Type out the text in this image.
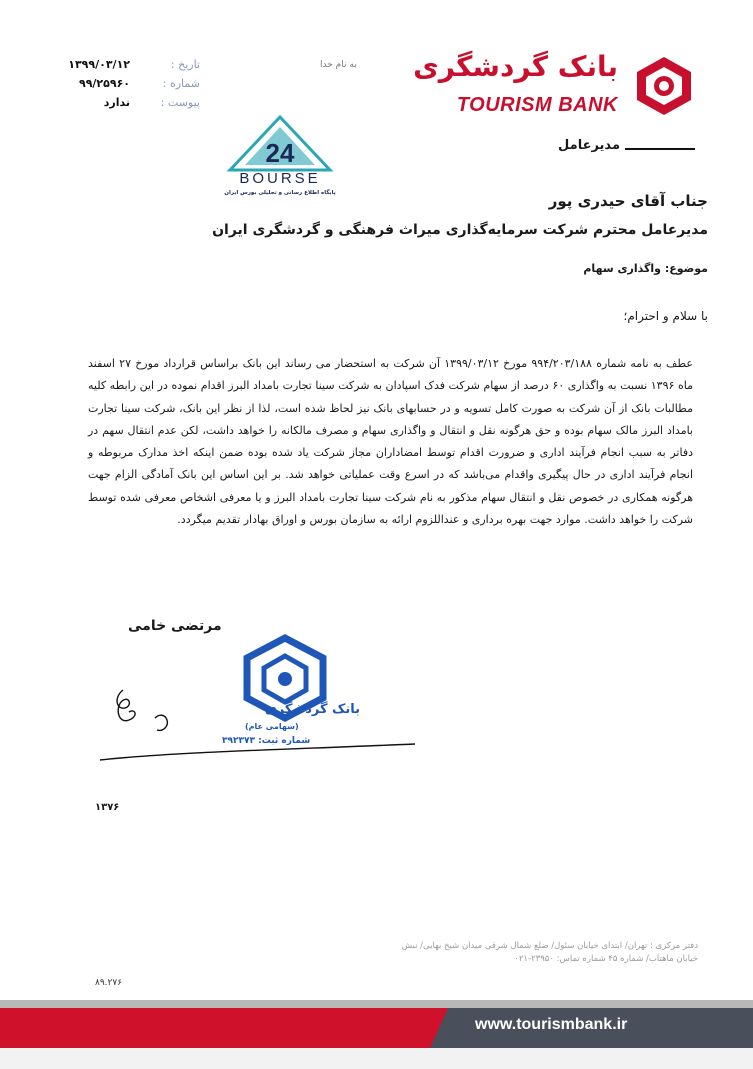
به نام خدا بانک گردشگری
TOURISM BANK
تاریخ :
۱۳۹۹/۰۳/۱۲
شماره :
۹۹/۲۵۹۶۰
پیوست :
ندارد
24
BOURSE
پایگاه اطلاع رسانی و تحلیلی بورس ایران
مدیرعامل
جناب آقای حیدری پور
مدیرعامل محترم شرکت سرمایه‌گذاری میراث فرهنگی و گردشگری ایران
موضوع: واگذاری سهام
با سلام و احترام؛
عطف به نامه شماره ۹۹۴/۲۰۳/۱۸۸ مورخ ۱۳۹۹/۰۳/۱۲ آن شرکت به استحضار می رساند این بانک براساس قرارداد مورخ ۲۷ اسفند ماه ۱۳۹۶ نسبت به واگذاری ۶۰ درصد از سهام شرکت فدک اسپادان به شرکت سینا تجارت بامداد البرز اقدام نموده در این رابطه کلیه مطالبات بانک از آن شرکت به صورت کامل تسویه و در حسابهای بانک نیز لحاظ شده است، لذا از نظر این بانک، شرکت سینا تجارت بامداد البرز مالک سهام بوده و حق هرگونه نقل و انتقال و واگذاری سهام و مصرف مالکانه را خواهد داشت، لکن عدم انتقال سهم در دفاتر به سبب انجام فرآیند اداری و ضرورت اقدام توسط امضاداران مجاز شرکت یاد شده بوده ضمن اینکه اخذ مدارک مربوطه و انجام فرآیند اداری در حال پیگیری واقدام می‌باشد که در اسرع وقت عملیاتی خواهد شد. بر این اساس این بانک آمادگی الزام جهت هرگونه همکاری در خصوص نقل و انتقال سهام مذکور به نام شرکت سینا تجارت بامداد البرز و یا معرفی اشخاص معرفی شده توسط شرکت را خواهد داشت. موارد جهت بهره برداری و عنداللزوم ارائه به سازمان بورس و اوراق بهادار تقدیم میگردد.
مرتضی خامی
بانک گردشگری
(سهامی عام)
شماره ثبت: ۳۹۲۳۷۳
۱۳۷۶
دفتر مرکزی : تهران/ ابتدای خیابان سئول/ ضلع شمال شرقی میدان شیخ بهایی/ نبش خیابان ماهتاب/ شماره ۴۵ شماره تماس: ۲۳۹۵۰-۰۲۱
۸۹.۲۷۶
www.tourismbank.ir
